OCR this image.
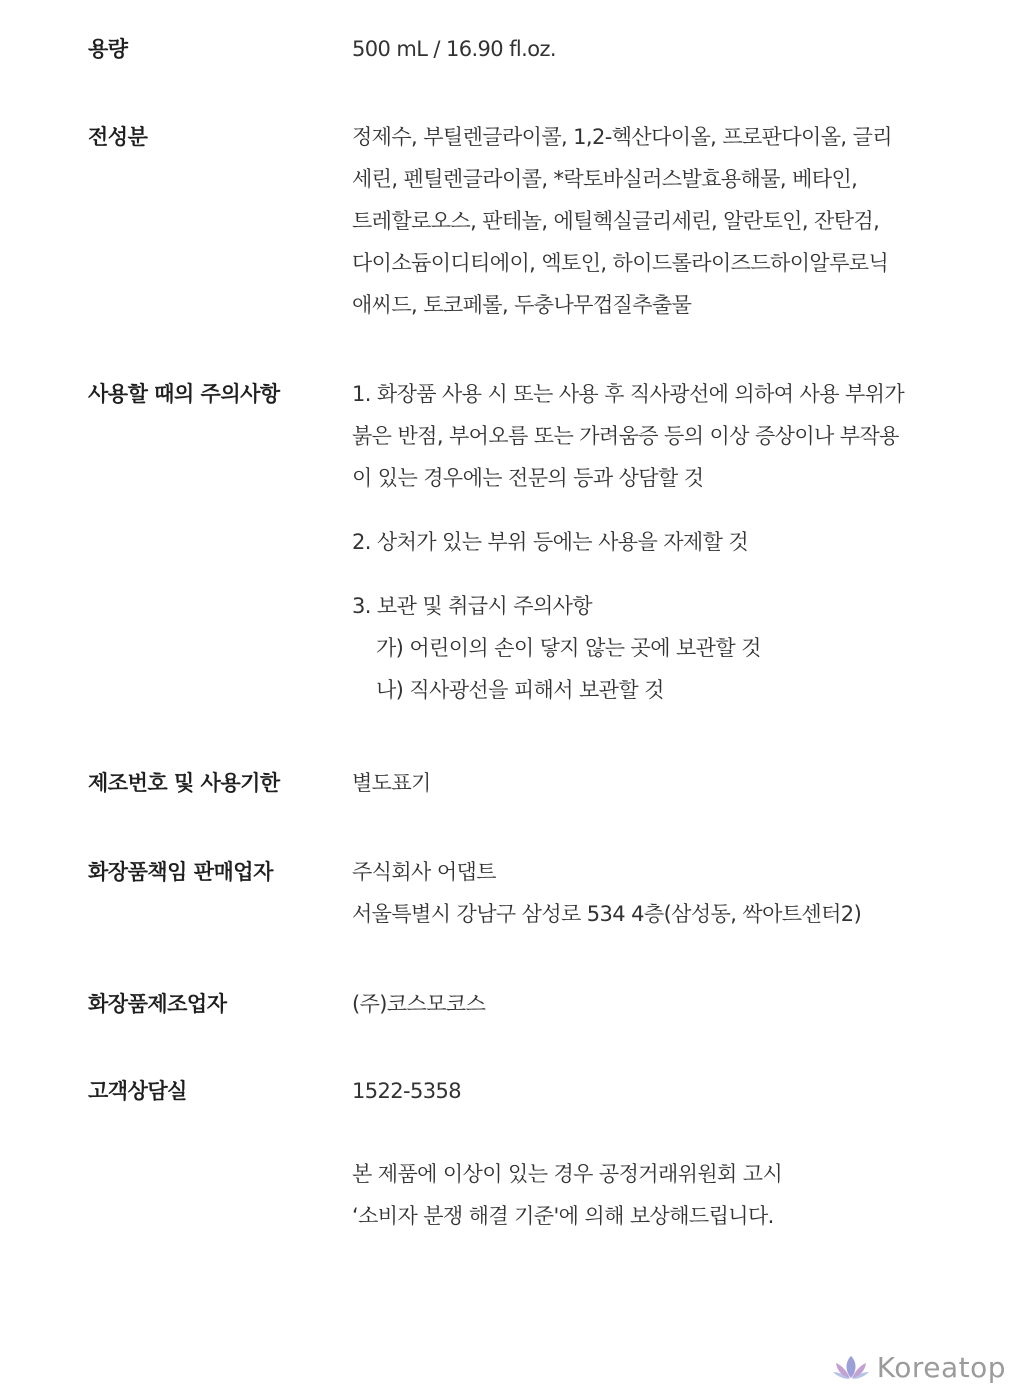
용량	500 mL / 16.90 fl.oz.
전성분	정제수, 부틸렌글라이콜, 1,2-헥산다이올, 프로판다이올, 글리
세린, 펜틸렌글라이콜, *락토바실러스발효용해물, 베타인,
트레할로오스, 판테놀, 에틸헥실글리세린, 알란토인, 잔탄검,
다이소듐이디티에이, 엑토인, 하이드롤라이즈드하이알루로닉
애씨드, 토코페롤, 두충나무껍질추출물
사용할 때의 주의사항	1. 화장품 사용 시 또는 사용 후 직사광선에 의하여 사용 부위가
붉은 반점, 부어오름 또는 가려움증 등의 이상 증상이나 부작용
이 있는 경우에는 전문의 등과 상담할 것
2. 상처가 있는 부위 등에는 사용을 자제할 것
3. 보관 및 취급시 주의사항
가) 어린이의 손이 닿지 않는 곳에 보관할 것
나) 직사광선을 피해서 보관할 것
제조번호 및 사용기한	별도표기
화장품책임 판매업자	주식회사 어댑트
서울특별시 강남구 삼성로 534 4층(삼성동, 싹아트센터2)
화장품제조업자	(주)코스모코스
고객상담실	1522-5358
본 제품에 이상이 있는 경우 공정거래위원회 고시
‘소비자 분쟁 해결 기준'에 의해 보상해드립니다.
Koreatop
